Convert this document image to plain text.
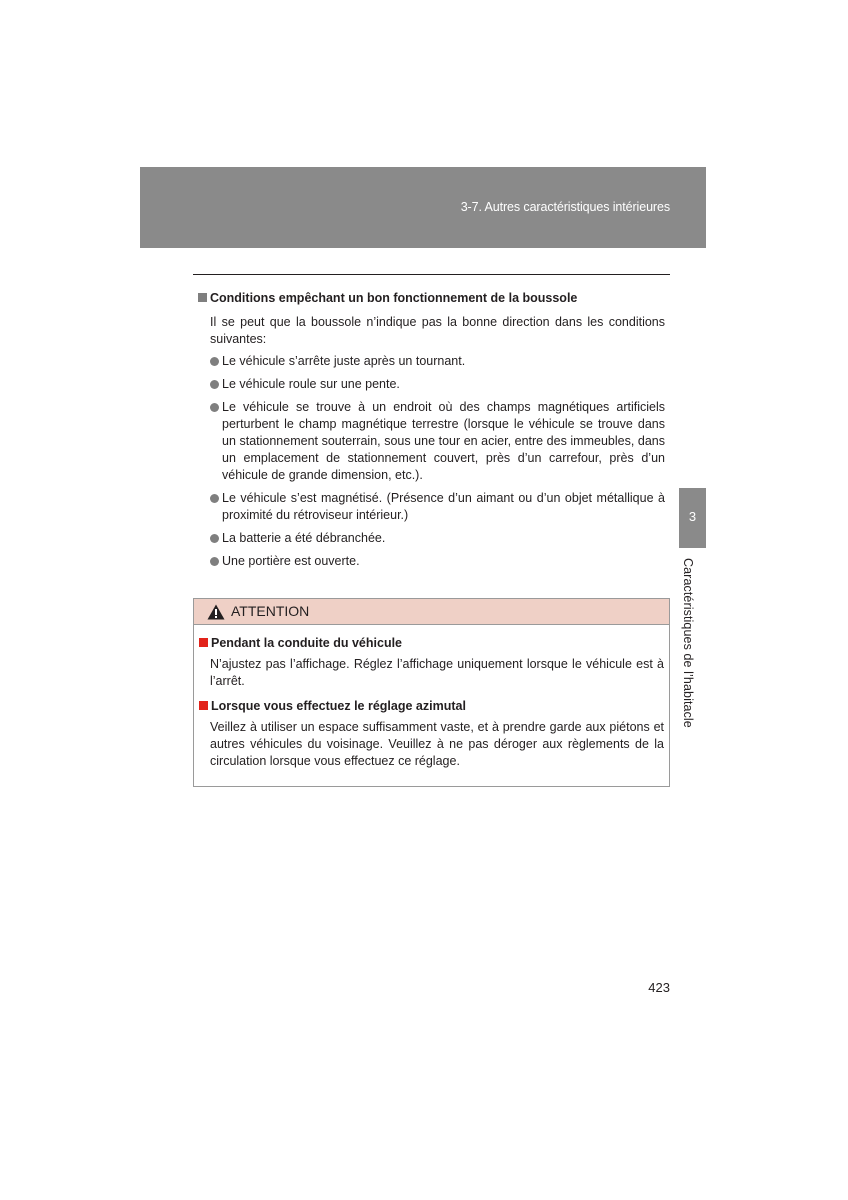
3-7. Autres caractéristiques intérieures
Conditions empêchant un bon fonctionnement de la boussole
Il se peut que la boussole n’indique pas la bonne direction dans les conditions suivantes:
Le véhicule s’arrête juste après un tournant.
Le véhicule roule sur une pente.
Le véhicule se trouve à un endroit où des champs magnétiques artificiels perturbent le champ magnétique terrestre (lorsque le véhicule se trouve dans un stationnement souterrain, sous une tour en acier, entre des immeubles, dans un emplacement de stationnement couvert, près d’un carrefour, près d’un véhicule de grande dimension, etc.).
Le véhicule s’est magnétisé. (Présence d’un aimant ou d’un objet métallique à proximité du rétroviseur intérieur.)
La batterie a été débranchée.
Une portière est ouverte.
ATTENTION
Pendant la conduite du véhicule
N’ajustez pas l’affichage. Réglez l’affichage uniquement lorsque le véhicule est à l’arrêt.
Lorsque vous effectuez le réglage azimutal
Veillez à utiliser un espace suffisamment vaste, et à prendre garde aux piétons et autres véhicules du voisinage. Veuillez à ne pas déroger aux règlements de la circulation lorsque vous effectuez ce réglage.
3
Caractéristiques de l’habitacle
423
